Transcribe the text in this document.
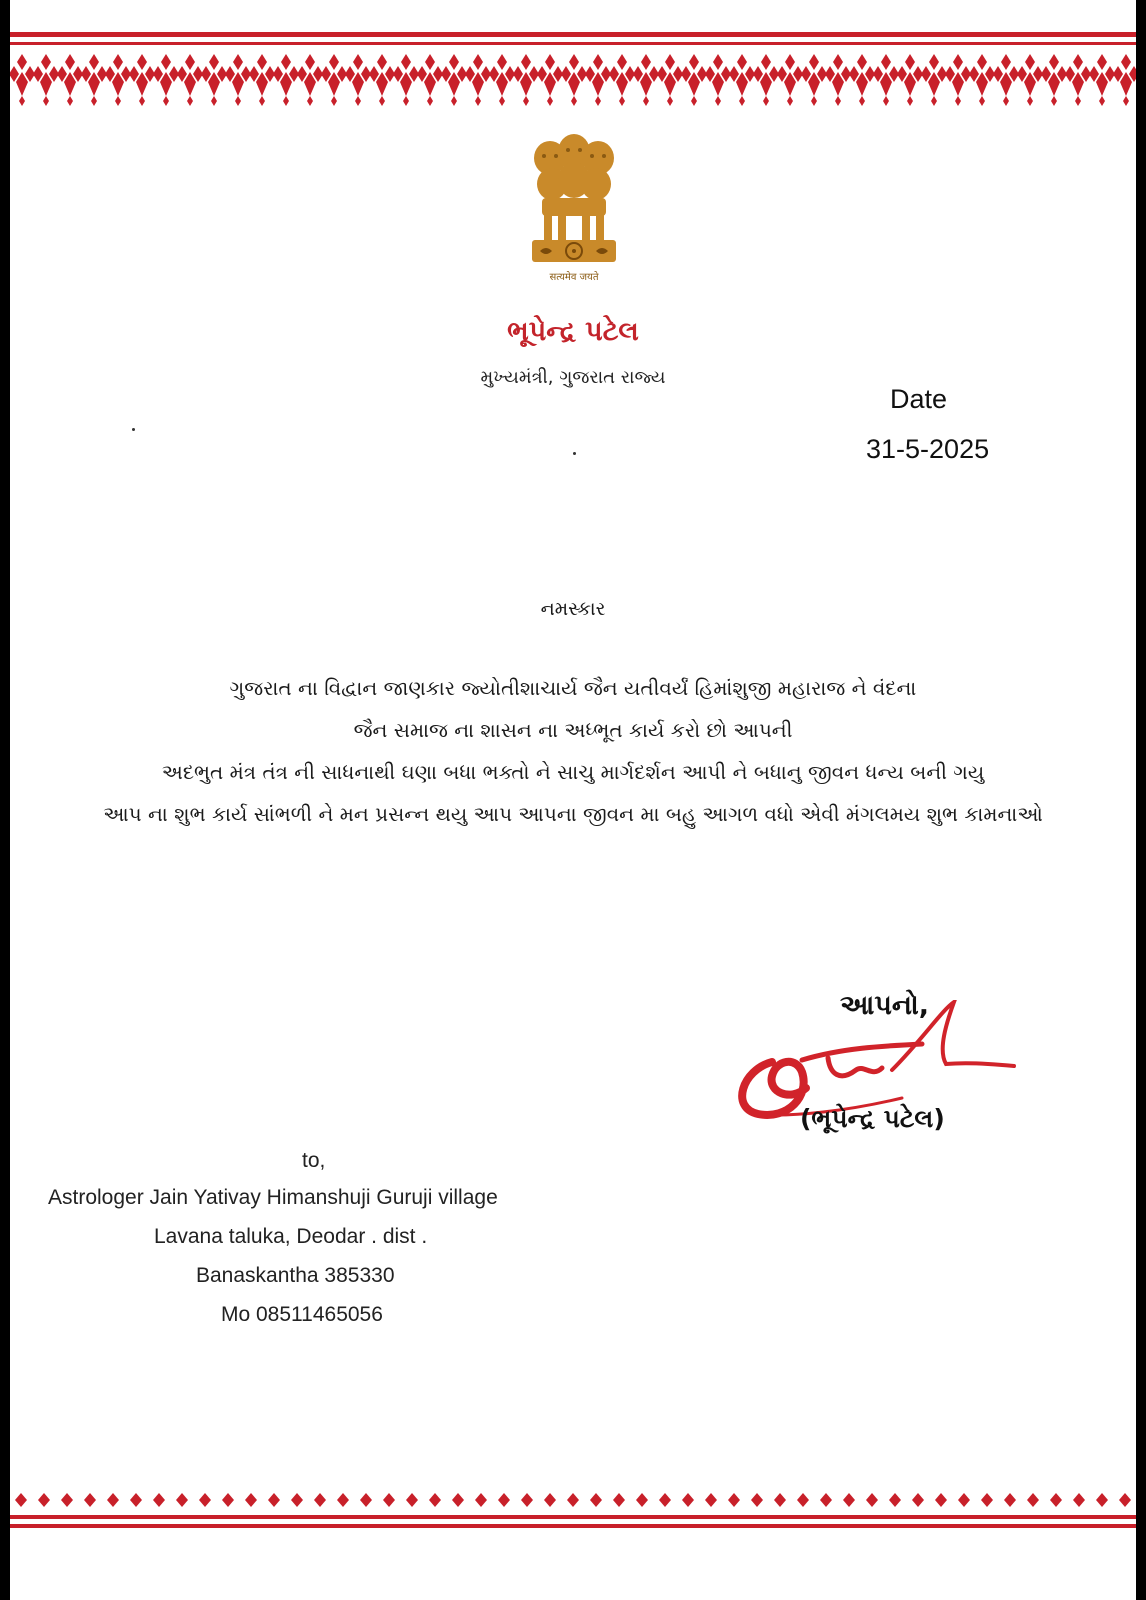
सत्यमेव जयते
ભૂપેન્દ્ર પટેલ
મુખ્યમંત્રી, ગુજરાત રાજ્ય
Date
31-5-2025
નમસ્કાર
ગુજરાત ના વિદ્વાન જાણકાર જ્યોતીશાચાર્ય જૈન યતીવર્યં હિમાંશુજી મહારાજ ને વંદના
જૈન સમાજ ના શાસન ના અધ્ભૂત કાર્ય કરો છો આપની
અદભુત મંત્ર તંત્ર ની સાધનાથી ઘણા બધા ભક્તો ને સાચુ માર્ગદર્શન આપી ને બધાનુ જીવન ધન્ય બની ગયુ
આપ ના શુભ કાર્ય સાંભળી ને મન પ્રસન્ન થયુ આપ આપના જીવન મા બહુ આગળ વધો એવી મંગલમય શુભ કામનાઓ
આપનો,
(ભૂપેન્દ્ર પટેલ)
to,
Astrologer Jain Yativay Himanshuji Guruji village
Lavana taluka, Deodar . dist .
Banaskantha 385330
Mo 08511465056
